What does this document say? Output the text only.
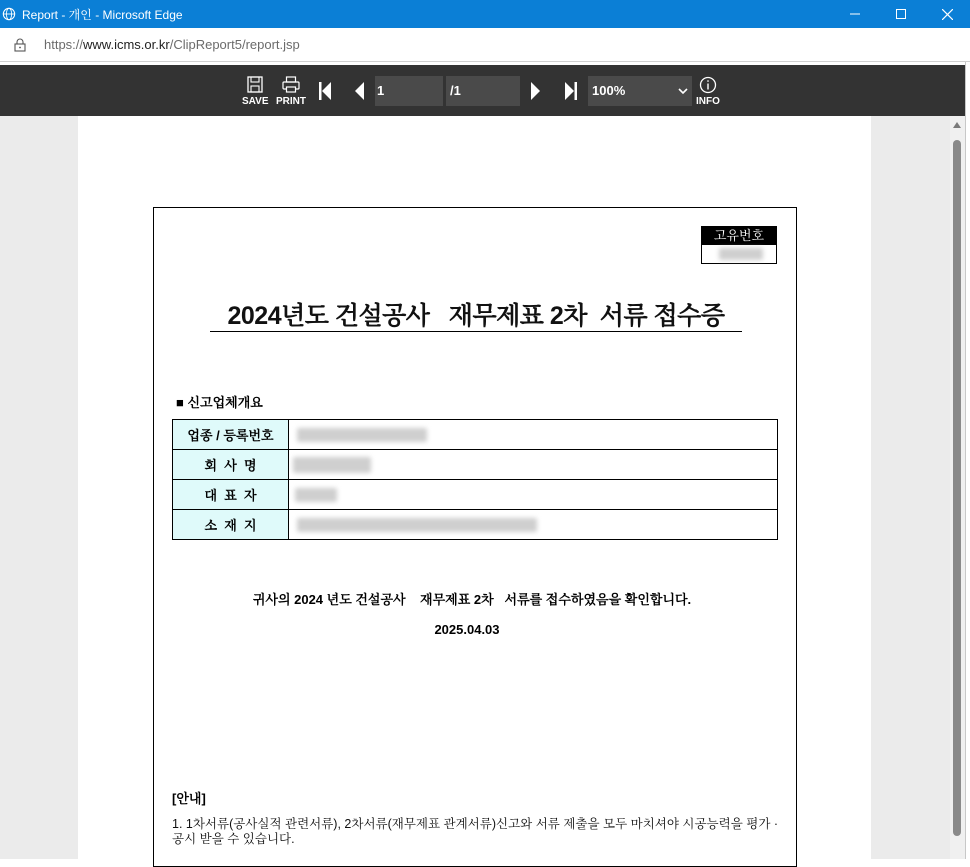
Report - 개인 - Microsoft Edge
https://www.icms.or.kr/ClipReport5/report.jsp
SAVE PRINT
1	/1	100%
INFO
고유번호
2024년도 건설공사   재무제표 2차  서류 접수증
■ 신고업체개요
업종 / 등록번호	

회  사  명	

대  표  자	

소  재  지	
귀사의 2024 년도 건설공사    재무제표 2차   서류를 접수하였음을 확인합니다.
2025.04.03
[안내]
1. 1차서류(공사실적 관련서류), 2차서류(재무제표 관계서류)신고와 서류 제출을 모두 마치셔야 시공능력을 평가 · 공시 받을 수 있습니다.
